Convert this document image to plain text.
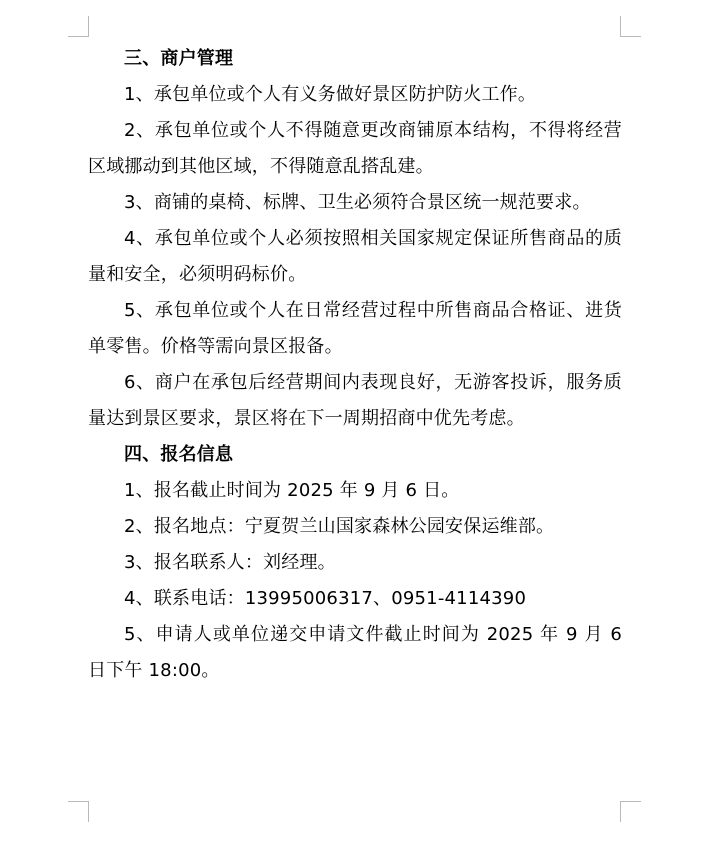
三、商户管理

1、承包单位或个人有义务做好景区防护防火工作。

2、承包单位或个人不得随意更改商铺原本结构，不得将经营区域挪动到其他区域，不得随意乱搭乱建。

3、商铺的桌椅、标牌、卫生必须符合景区统一规范要求。

4、承包单位或个人必须按照相关国家规定保证所售商品的质量和安全，必须明码标价。

5、承包单位或个人在日常经营过程中所售商品合格证、进货单零售。价格等需向景区报备。

6、商户在承包后经营期间内表现良好，无游客投诉，服务质量达到景区要求，景区将在下一周期招商中优先考虑。

四、报名信息

1、报名截止时间为 2025 年 9 月 6 日。

2、报名地点：宁夏贺兰山国家森林公园安保运维部。

3、报名联系人：刘经理。

4、联系电话：13995006317、0951-4114390

5、申请人或单位递交申请文件截止时间为 2025 年 9 月 6 日下午 18:00。
